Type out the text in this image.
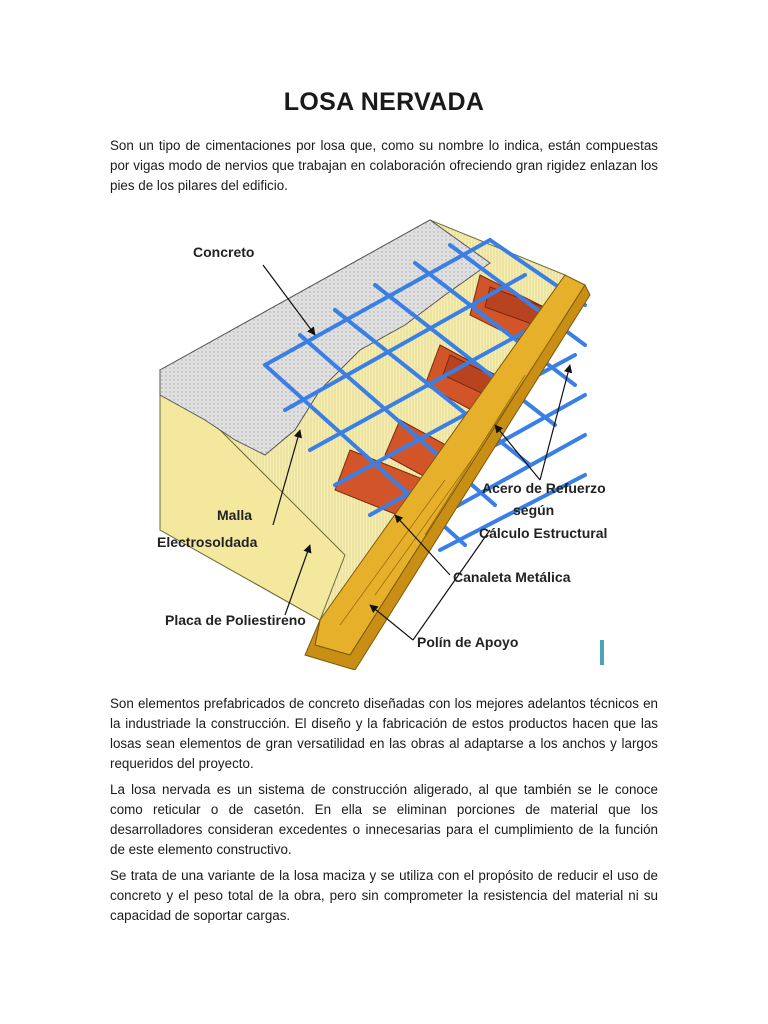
LOSA NERVADA

Son un tipo de cimentaciones por losa que, como su nombre lo indica, están compuestas por vigas modo de nervios que trabajan en colaboración ofreciendo gran rigidez enlazan los pies de los pilares del edificio.

Concreto
Malla
Electrosoldada
Placa de Poliestireno
Acero de Refuerzo
según
Cálculo Estructural
Canaleta Metálica
Polín de Apoyo

Son elementos prefabricados de concreto diseñadas con los mejores adelantos técnicos en la industriade la construcción. El diseño y la fabricación de estos productos hacen que las losas sean elementos de gran versatilidad en las obras al adaptarse a los anchos y largos requeridos del proyecto.

La losa nervada es un sistema de construcción aligerado, al que también se le conoce como reticular o de casetón. En ella se eliminan porciones de material que los desarrolladores consideran excedentes o innecesarias para el cumplimiento de la función de este elemento constructivo.

Se trata de una variante de la losa maciza y se utiliza con el propósito de reducir el uso de concreto y el peso total de la obra, pero sin comprometer la resistencia del material ni su capacidad de soportar cargas.
